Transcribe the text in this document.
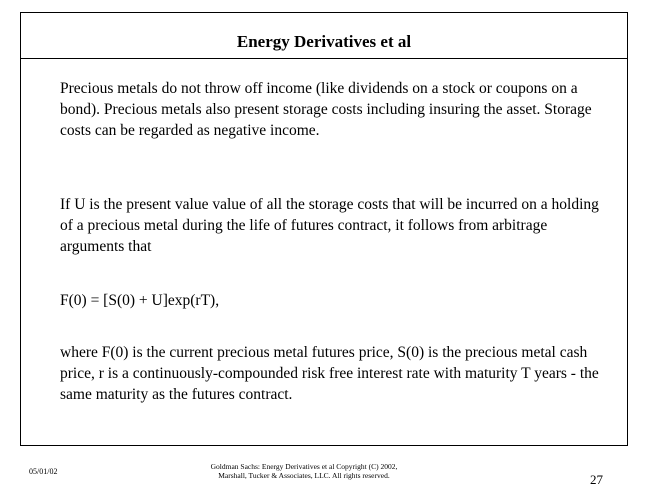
Energy Derivatives et al

Precious metals do not throw off income (like dividends on a stock or coupons on a bond). Precious metals also present storage costs including insuring the asset. Storage costs can be regarded as negative income.

If U is the present value value of all the storage costs that will be incurred on a holding of a precious metal during the life of futures contract, it follows from arbitrage arguments that

F(0) = [S(0) + U]exp(rT),

where F(0) is the current precious metal futures price, S(0) is the precious metal cash price, r is a continuously-compounded risk free interest rate with maturity T years - the same maturity as the futures contract.

05/01/02
Goldman Sachs: Energy Derivatives et al Copyright (C) 2002, Marshall, Tucker & Associates, LLC. All rights reserved.	27
